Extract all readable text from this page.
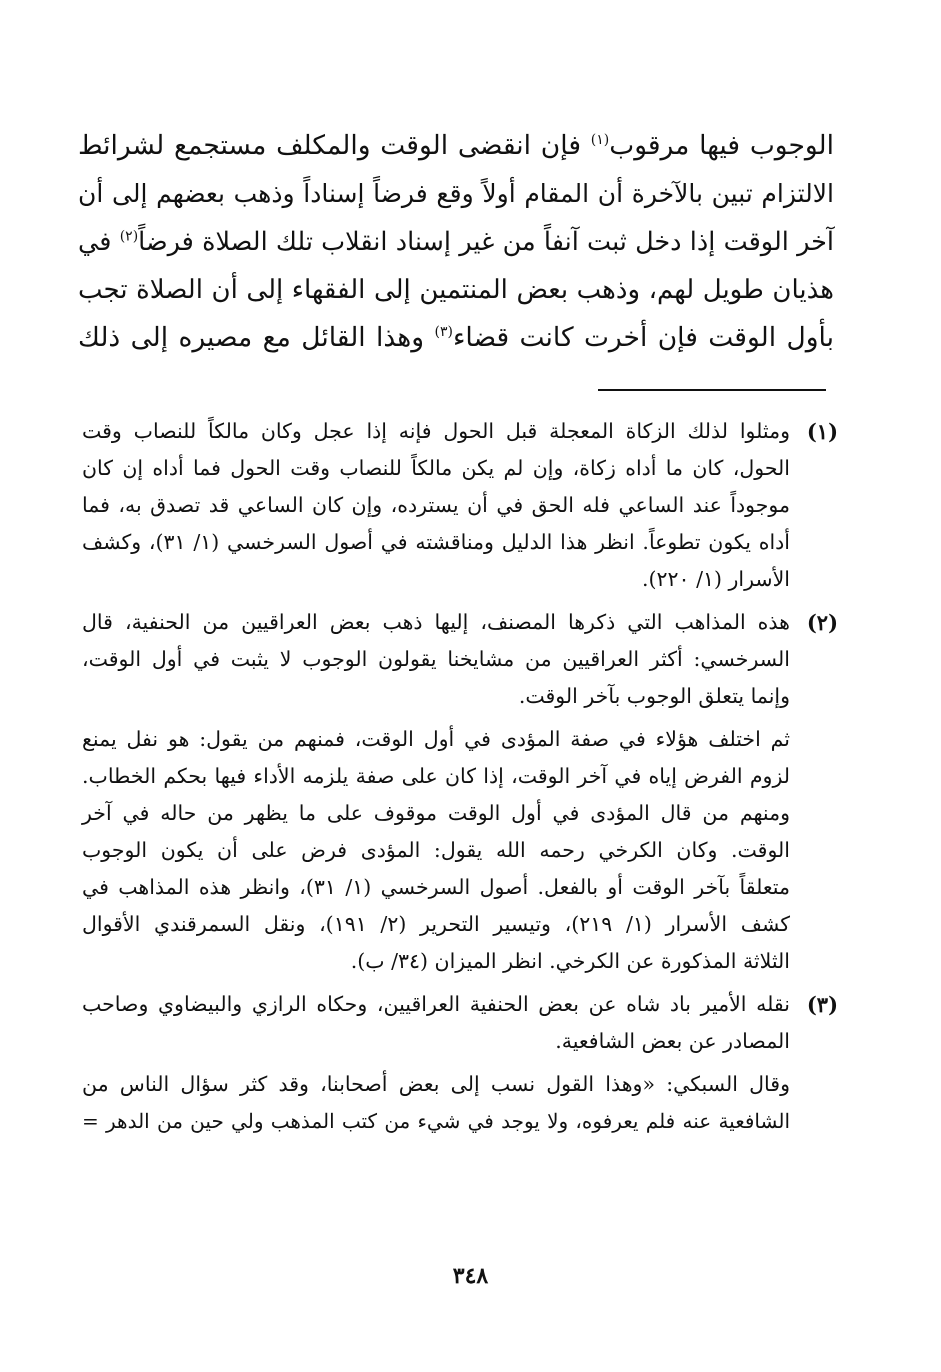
الوجوب فيها مرقوب$^{(١)}$ فإن انقضى الوقت والمكلف مستجمع لشرائط
الالتزام تبين بالآخرة أن المقام أولاً وقع فرضاً إسناداً وذهب بعضهم إلى أن
آخر الوقت إذا دخل ثبت آنفاً من غير إسناد انقلاب تلك الصلاة فرضاً$^{(٢)}$ في
هذيان طويل لهم، وذهب بعض المنتمين إلى الفقهاء إلى أن الصلاة تجب
بأول الوقت فإن أخرت كانت قضاء$^{(٣)}$ وهذا القائل مع مصيره إلى ذلك
(١)
ومثلوا لذلك الزكاة المعجلة قبل الحول فإنه إذا عجل وكان مالكاً للنصاب وقت
الحول، كان ما أداه زكاة، وإن لم يكن مالكاً للنصاب وقت الحول فما أداه إن كان
موجوداً عند الساعي فله الحق في أن يسترده، وإن كان الساعي قد تصدق به، فما
أداه يكون تطوعاً. انظر هذا الدليل ومناقشته في أصول السرخسي (١/ ٣١)، وكشف
الأسرار (١/ ٢٢٠).
(٢)
هذه المذاهب التي ذكرها المصنف، إليها ذهب بعض العراقيين من الحنفية، قال
السرخسي: أكثر العراقيين من مشايخنا يقولون الوجوب لا يثبت في أول الوقت،
وإنما يتعلق الوجوب بآخر الوقت.
ثم اختلف هؤلاء في صفة المؤدى في أول الوقت، فمنهم من يقول: هو نفل يمنع
لزوم الفرض إياه في آخر الوقت، إذا كان على صفة يلزمه الأداء فيها بحكم الخطاب.
ومنهم من قال المؤدى في أول الوقت موقوف على ما يظهر من حاله في آخر
الوقت. وكان الكرخي رحمه الله يقول: المؤدى فرض على أن يكون الوجوب
متعلقاً بآخر الوقت أو بالفعل. أصول السرخسي (١/ ٣١)، وانظر هذه المذاهب في
كشف الأسرار (١/ ٢١٩)، وتيسير التحرير (٢/ ١٩١)، ونقل السمرقندي الأقوال
الثلاثة المذكورة عن الكرخي. انظر الميزان (٣٤/ ب).
(٣)
نقله الأمير باد شاه عن بعض الحنفية العراقيين، وحكاه الرازي والبيضاوي وصاحب
المصادر عن بعض الشافعية.
وقال السبكي: «وهذا القول نسب إلى بعض أصحابنا، وقد كثر سؤال الناس من
الشافعية عنه فلم يعرفوه، ولا يوجد في شيء من كتب المذهب ولي حين من الدهر =
٣٤٨
